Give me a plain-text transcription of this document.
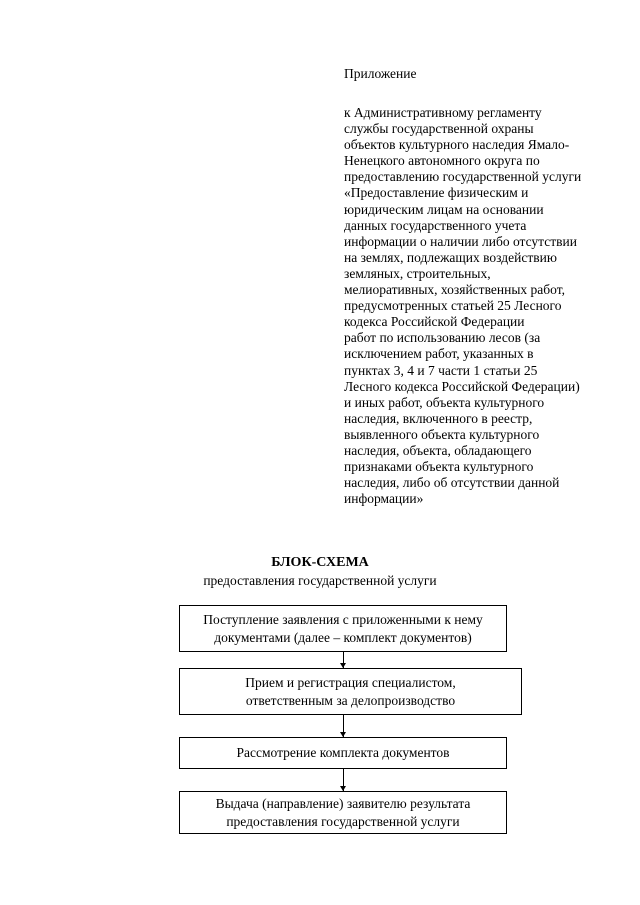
Приложение
к Административному регламенту
службы государственной охраны
объектов культурного наследия Ямало-
Ненецкого автономного округа по
предоставлению государственной услуги
«Предоставление физическим и
юридическим лицам на основании
данных государственного учета
информации о наличии либо отсутствии
на землях, подлежащих воздействию
земляных, строительных,
мелиоративных, хозяйственных работ,
предусмотренных статьей 25 Лесного
кодекса Российской Федерации
работ по использованию лесов (за
исключением работ, указанных в
пунктах 3, 4 и 7 части 1 статьи 25
Лесного кодекса Российской Федерации)
и иных работ, объекта культурного
наследия, включенного в реестр,
выявленного объекта культурного
наследия, объекта, обладающего
признаками объекта культурного
наследия, либо об отсутствии данной
информации»
БЛОК-СХЕМА
предоставления государственной услуги
Поступление заявления с приложенными к нему
документами (далее – комплект документов)
Прием и регистрация специалистом,
ответственным за делопроизводство
Рассмотрение комплекта документов
Выдача (направление) заявителю результата
предоставления государственной услуги
